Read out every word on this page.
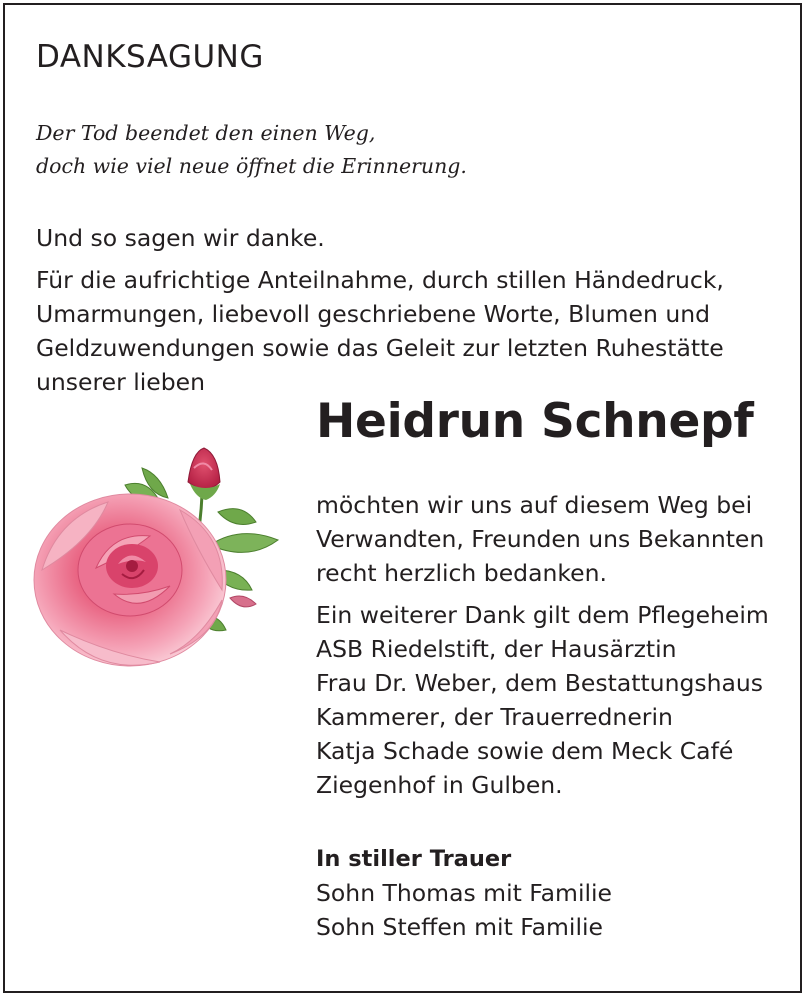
DANKSAGUNG
Der Tod beendet den einen Weg,
doch wie viel neue öffnet die Erinnerung.

Und so sagen wir danke.

Für die aufrichtige Anteilnahme, durch stillen Händedruck,
Umarmungen, liebevoll geschriebene Worte, Blumen und
Geldzuwendungen sowie das Geleit zur letzten Ruhestätte
unserer lieben

Heidrun Schnepf

möchten wir uns auf diesem Weg bei
Verwandten, Freunden uns Bekannten
recht herzlich bedanken.

Ein weiterer Dank gilt dem Pflegeheim
ASB Riedelstift, der Hausärztin
Frau Dr. Weber, dem Bestattungshaus
Kammerer, der Trauerrednerin
Katja Schade sowie dem Meck Café
Ziegenhof in Gulben.

In stiller Trauer
Sohn Thomas mit Familie
Sohn Steffen mit Familie
